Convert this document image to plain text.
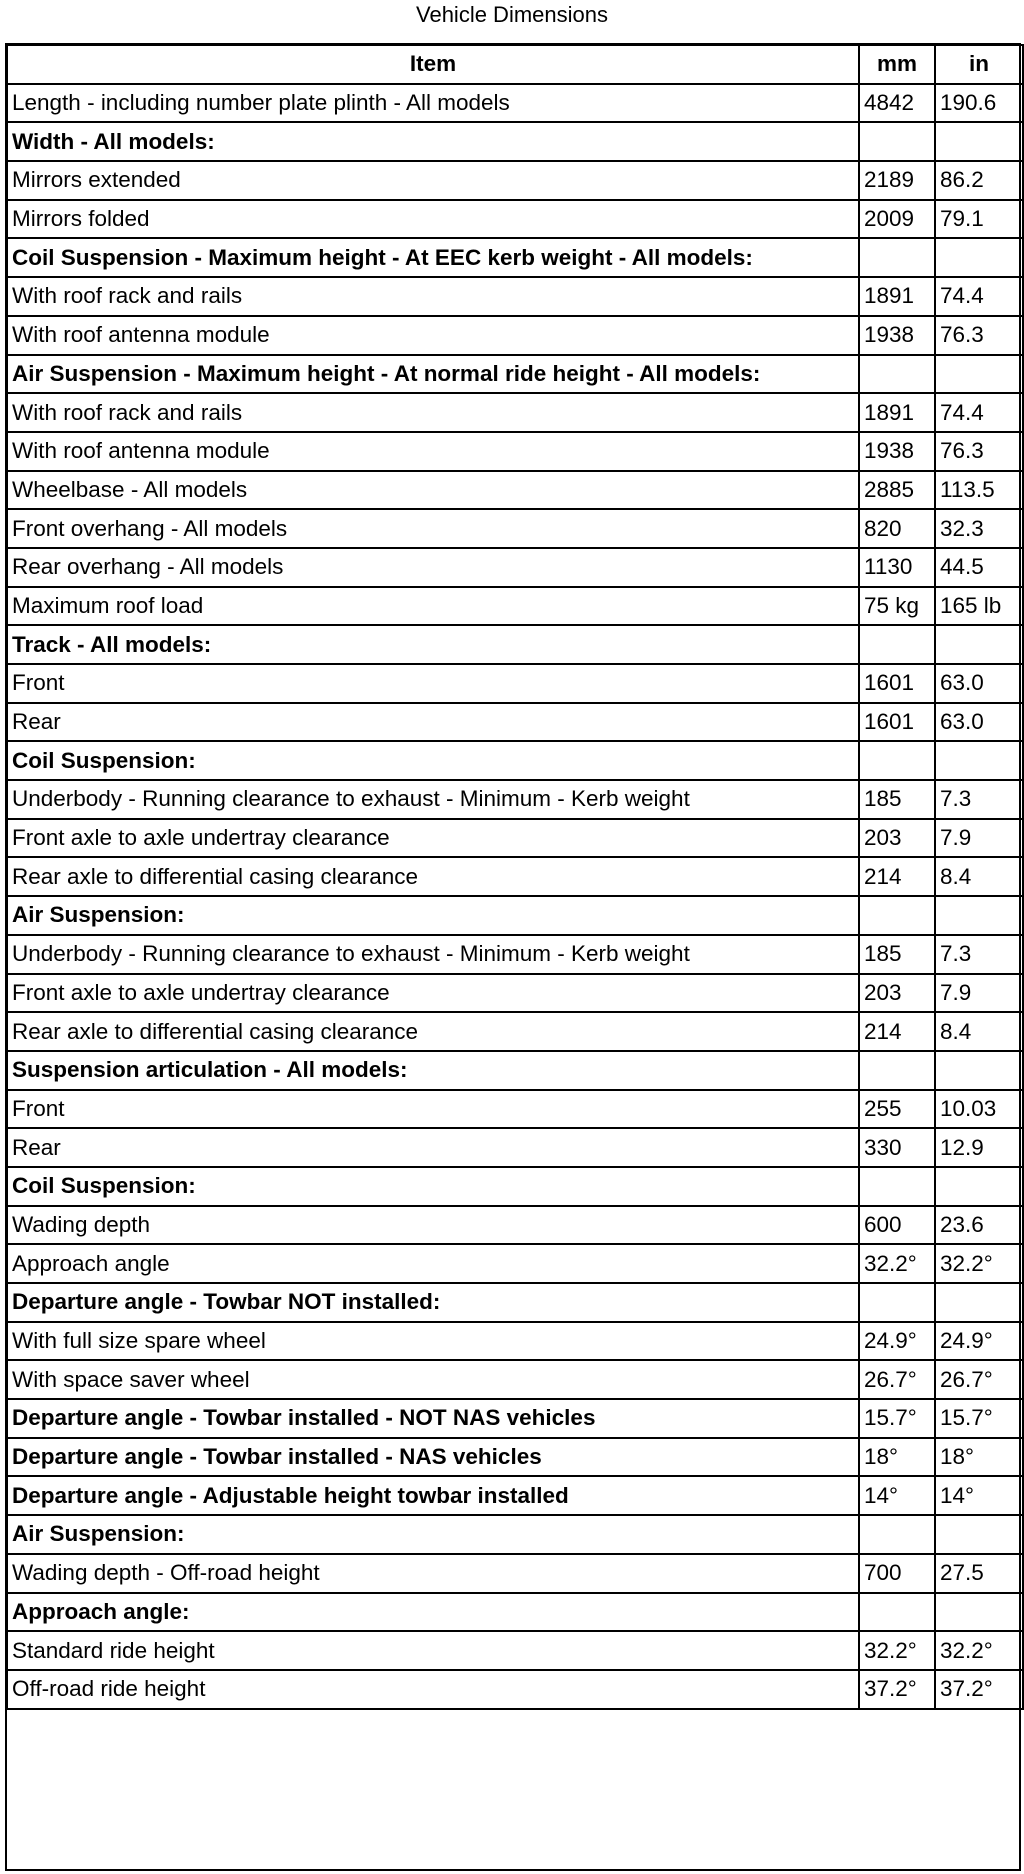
Vehicle Dimensions
Item	mm	in
Length - including number plate plinth - All models	4842	190.6
Width - All models:		
Mirrors extended	2189	86.2
Mirrors folded	2009	79.1
Coil Suspension - Maximum height - At EEC kerb weight - All models:		
With roof rack and rails	1891	74.4
With roof antenna module	1938	76.3
Air Suspension - Maximum height - At normal ride height - All models:		
With roof rack and rails	1891	74.4
With roof antenna module	1938	76.3
Wheelbase - All models	2885	113.5
Front overhang - All models	820	32.3
Rear overhang - All models	1130	44.5
Maximum roof load	75 kg	165 lb
Track - All models:		
Front	1601	63.0
Rear	1601	63.0
Coil Suspension:		
Underbody - Running clearance to exhaust - Minimum - Kerb weight	185	7.3
Front axle to axle undertray clearance	203	7.9
Rear axle to differential casing clearance	214	8.4
Air Suspension:		
Underbody - Running clearance to exhaust - Minimum - Kerb weight	185	7.3
Front axle to axle undertray clearance	203	7.9
Rear axle to differential casing clearance	214	8.4
Suspension articulation - All models:		
Front	255	10.03
Rear	330	12.9
Coil Suspension:		
Wading depth	600	23.6
Approach angle	32.2°	32.2°
Departure angle - Towbar NOT installed:		
With full size spare wheel	24.9°	24.9°
With space saver wheel	26.7°	26.7°
Departure angle - Towbar installed - NOT NAS vehicles	15.7°	15.7°
Departure angle - Towbar installed - NAS vehicles	18°	18°
Departure angle - Adjustable height towbar installed	14°	14°
Air Suspension:		
Wading depth - Off-road height	700	27.5
Approach angle:		
Standard ride height	32.2°	32.2°
Off-road ride height	37.2°	37.2°
